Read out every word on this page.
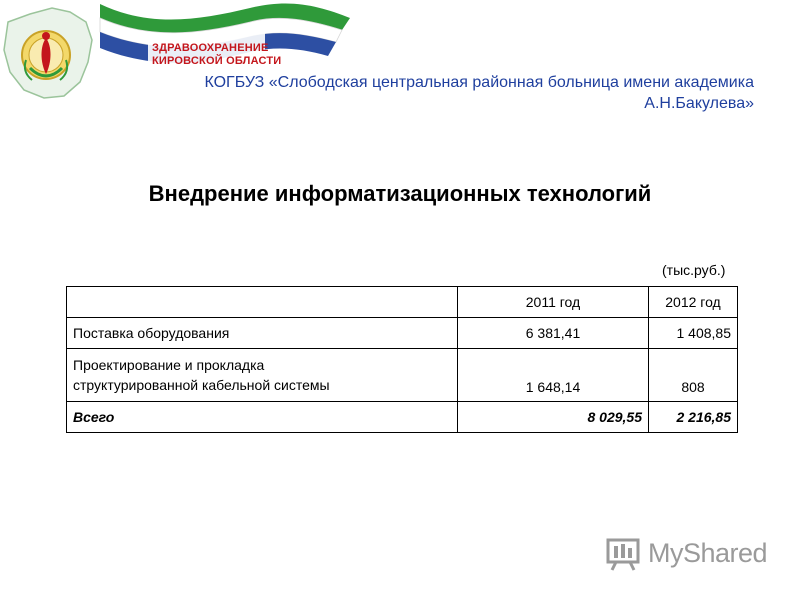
ЗДРАВООХРАНЕНИЕ
КИРОВСКОЙ ОБЛАСТИ
КОГБУЗ «Слободская центральная районная больница имени академика
А.Н.Бакулева»
Внедрение информатизационных технологий
(тыс.руб.)
	2011 год	2012 год
Поставка оборудования	6 381,41	1 408,85

Проектирование и прокладка
структурированной кабельной системы	1 648,14	808
Всего	8 029,55	2 216,85
MyShared
